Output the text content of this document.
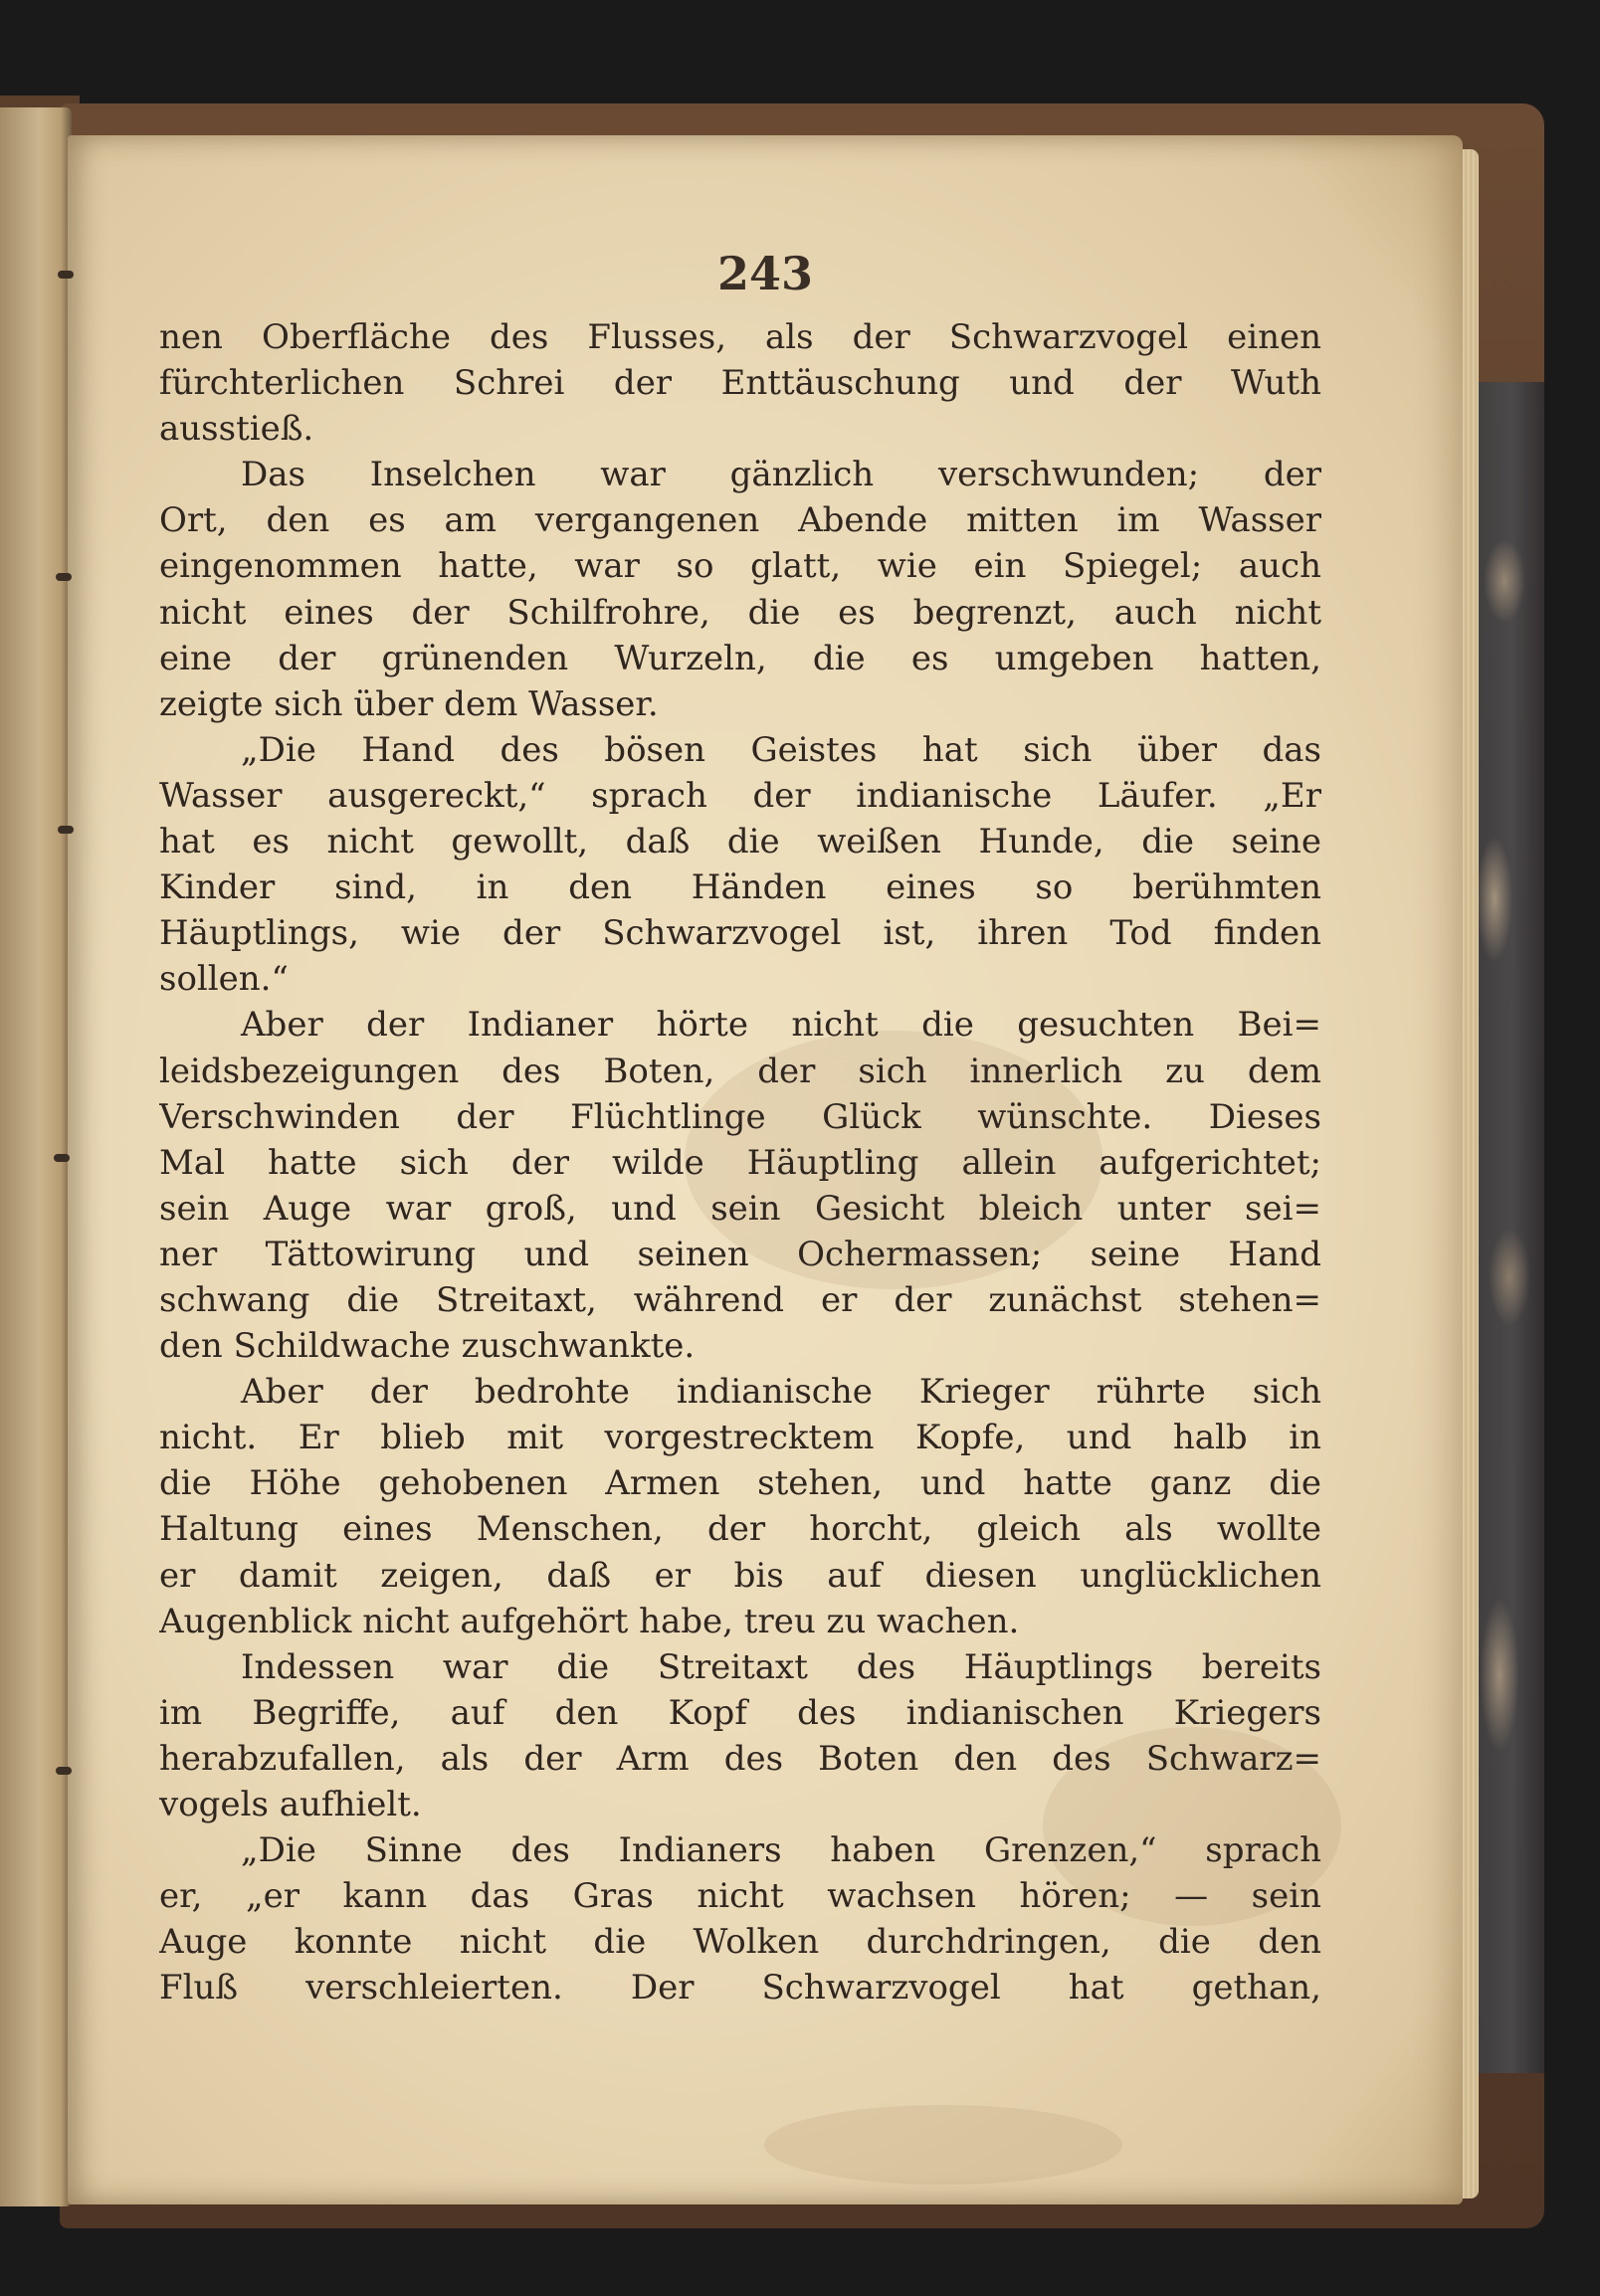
243
nen Oberfläche des Flusses, als der Schwarzvogel einen
fürchterlichen Schrei der Enttäuschung und der Wuth
ausstieß.
Das Inselchen war gänzlich verschwunden; der
Ort, den es am vergangenen Abende mitten im Wasser
eingenommen hatte, war so glatt, wie ein Spiegel; auch
nicht eines der Schilfrohre, die es begrenzt, auch nicht
eine der grünenden Wurzeln, die es umgeben hatten,
zeigte sich über dem Wasser.
„Die Hand des bösen Geistes hat sich über das
Wasser ausgereckt,“ sprach der indianische Läufer. „Er
hat es nicht gewollt, daß die weißen Hunde, die seine
Kinder sind, in den Händen eines so berühmten
Häuptlings, wie der Schwarzvogel ist, ihren Tod finden
sollen.“
Aber der Indianer hörte nicht die gesuchten Bei=
leidsbezeigungen des Boten, der sich innerlich zu dem
Verschwinden der Flüchtlinge Glück wünschte. Dieses
Mal hatte sich der wilde Häuptling allein aufgerichtet;
sein Auge war groß, und sein Gesicht bleich unter sei=
ner Tättowirung und seinen Ochermassen; seine Hand
schwang die Streitaxt, während er der zunächst stehen=
den Schildwache zuschwankte.
Aber der bedrohte indianische Krieger rührte sich
nicht. Er blieb mit vorgestrecktem Kopfe, und halb in
die Höhe gehobenen Armen stehen, und hatte ganz die
Haltung eines Menschen, der horcht, gleich als wollte
er damit zeigen, daß er bis auf diesen unglücklichen
Augenblick nicht aufgehört habe, treu zu wachen.
Indessen war die Streitaxt des Häuptlings bereits
im Begriffe, auf den Kopf des indianischen Kriegers
herabzufallen, als der Arm des Boten den des Schwarz=
vogels aufhielt.
„Die Sinne des Indianers haben Grenzen,“ sprach
er, „er kann das Gras nicht wachsen hören; — sein
Auge konnte nicht die Wolken durchdringen, die den
Fluß verschleierten. Der Schwarzvogel hat gethan,
